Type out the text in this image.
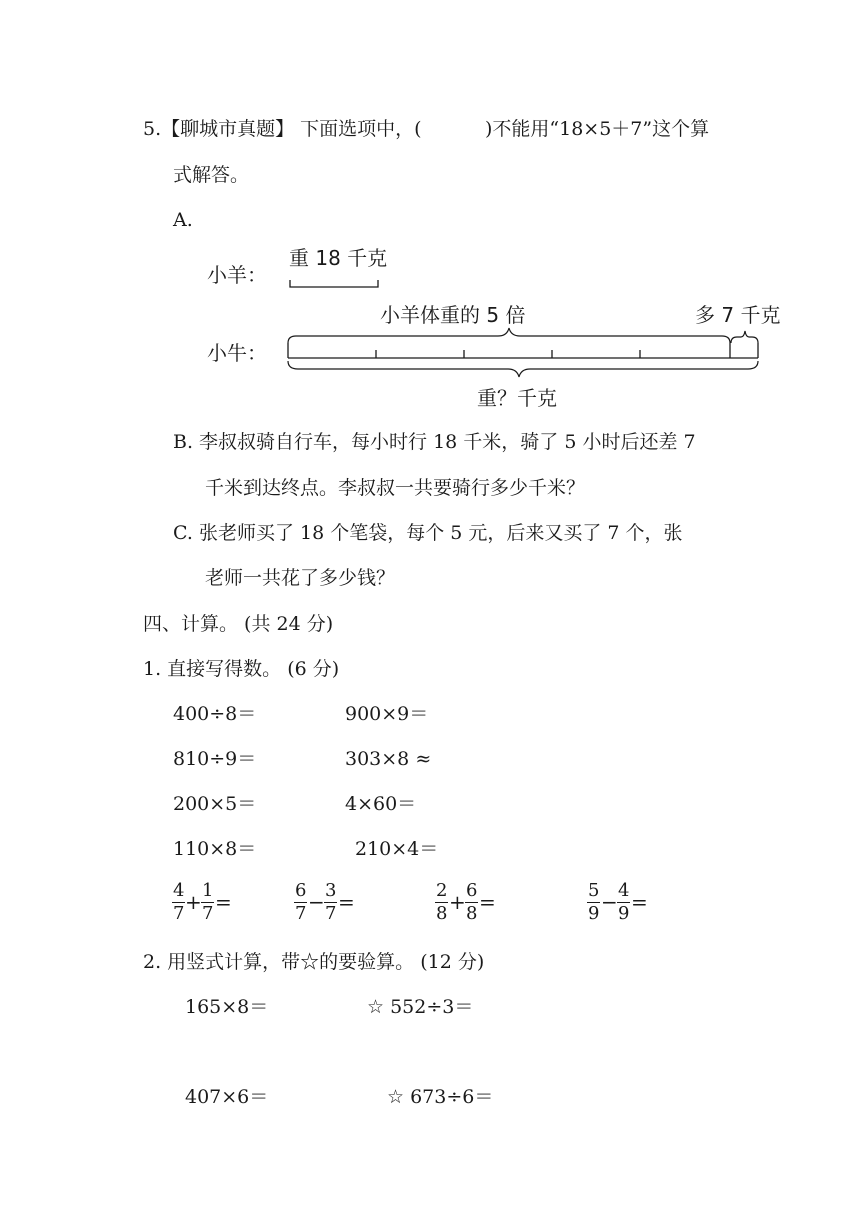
5.【聊城市真题】 下面选项中，(	)不能用“18×5＋7”这个算
式解答。
A.
小羊：
重 18 千克
小羊体重的 5 倍	多 7 千克
小牛：
重？千克
B. 李叔叔骑自行车，每小时行 18 千米，骑了 5 小时后还差 7
千米到达终点。李叔叔一共要骑行多少千米？
C. 张老师买了 18 个笔袋，每个 5 元，后来又买了 7 个，张
老师一共花了多少钱？
四、计算。 (共 24 分)
1. 直接写得数。 (6 分)
400÷8＝	900×9＝
810÷9＝	303×8 ≈
200×5＝	4×60＝
110×8＝	210×4＝
$\frac{4}{7} + \frac{1}{7}$ =	$\frac{6}{7} - \frac{3}{7}$ =	$\frac{2}{8} + \frac{6}{8}$ =	$\frac{5}{9} - \frac{4}{9}$ =
2. 用竖式计算，带☆的要验算。 (12 分)
165×8＝	☆ 552÷3＝
407×6＝	☆ 673÷6＝
